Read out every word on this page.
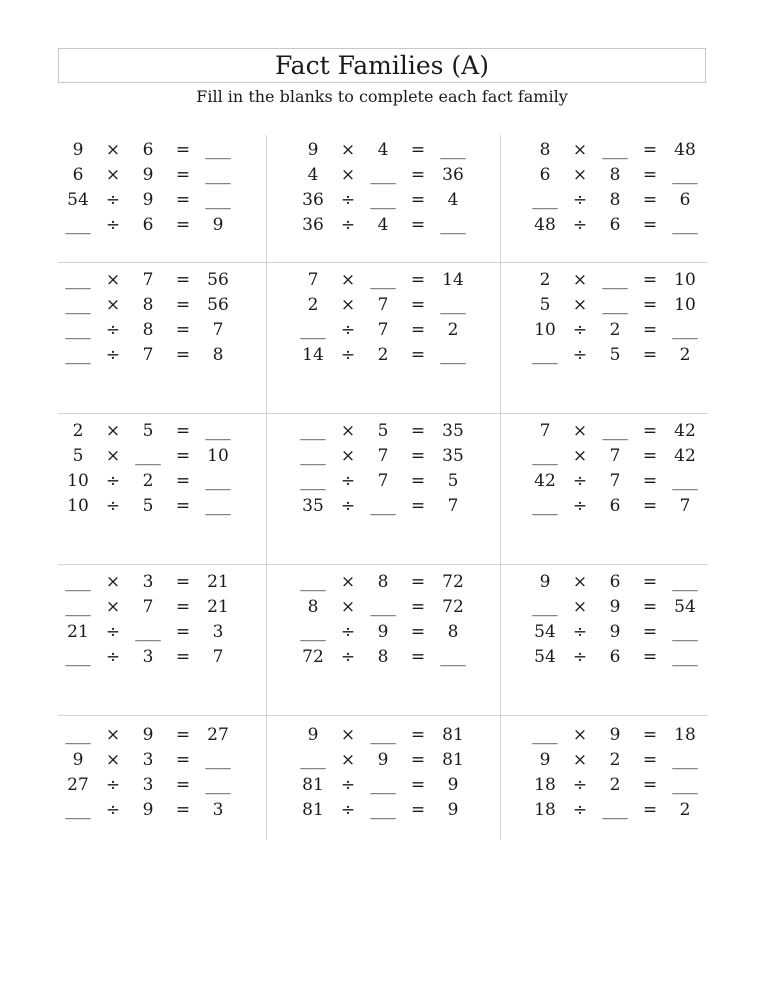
Fact Families (A)
Fill in the blanks to complete each fact family
9	×	6	= ___
6	×	9	= ___
54	÷	9	= ___
___ ÷	6	=	9
9	×	4	= ___
4	× ___ =	36
36	÷ ___ =	4
36	÷	4	= ___
8	× ___ =	48
6	×	8	= ___
___ ÷	8	=	6
48	÷	6	= ___
___ ×	7	=	56
___ ×	8	=	56
___ ÷	8	=	7
___ ÷	7	=	8
7	× ___ =	14
2	×	7	= ___
___ ÷	7	=	2
14	÷	2	= ___
2	× ___ =	10
5	× ___ =	10
10	÷	2	= ___
___ ÷	5	=	2
2	×	5	= ___
5	× ___ =	10
10	÷	2	= ___
10	÷	5	= ___
___ ×	5	=	35
___ ×	7	=	35
___ ÷	7	=	5
35	÷ ___ =	7
7	× ___ =	42
___ ×	7	=	42
42	÷	7	= ___
___ ÷	6	=	7
___ ×	3	=	21
___ ×	7	=	21
21	÷ ___ =	3
___ ÷	3	=	7
___ ×	8	=	72
8	× ___ =	72
___ ÷	9	=	8
72	÷	8	= ___
9	×	6	= ___
___ ×	9	=	54
54	÷	9	= ___
54	÷	6	= ___
___ ×	9	=	27
9	×	3	= ___
27	÷	3	= ___
___ ÷	9	=	3
9	× ___ =	81
___ ×	9	=	81
81	÷ ___ =	9
81	÷ ___ =	9
___ ×	9	=	18
9	×	2	= ___
18	÷	2	= ___
18	÷ ___ =	2
